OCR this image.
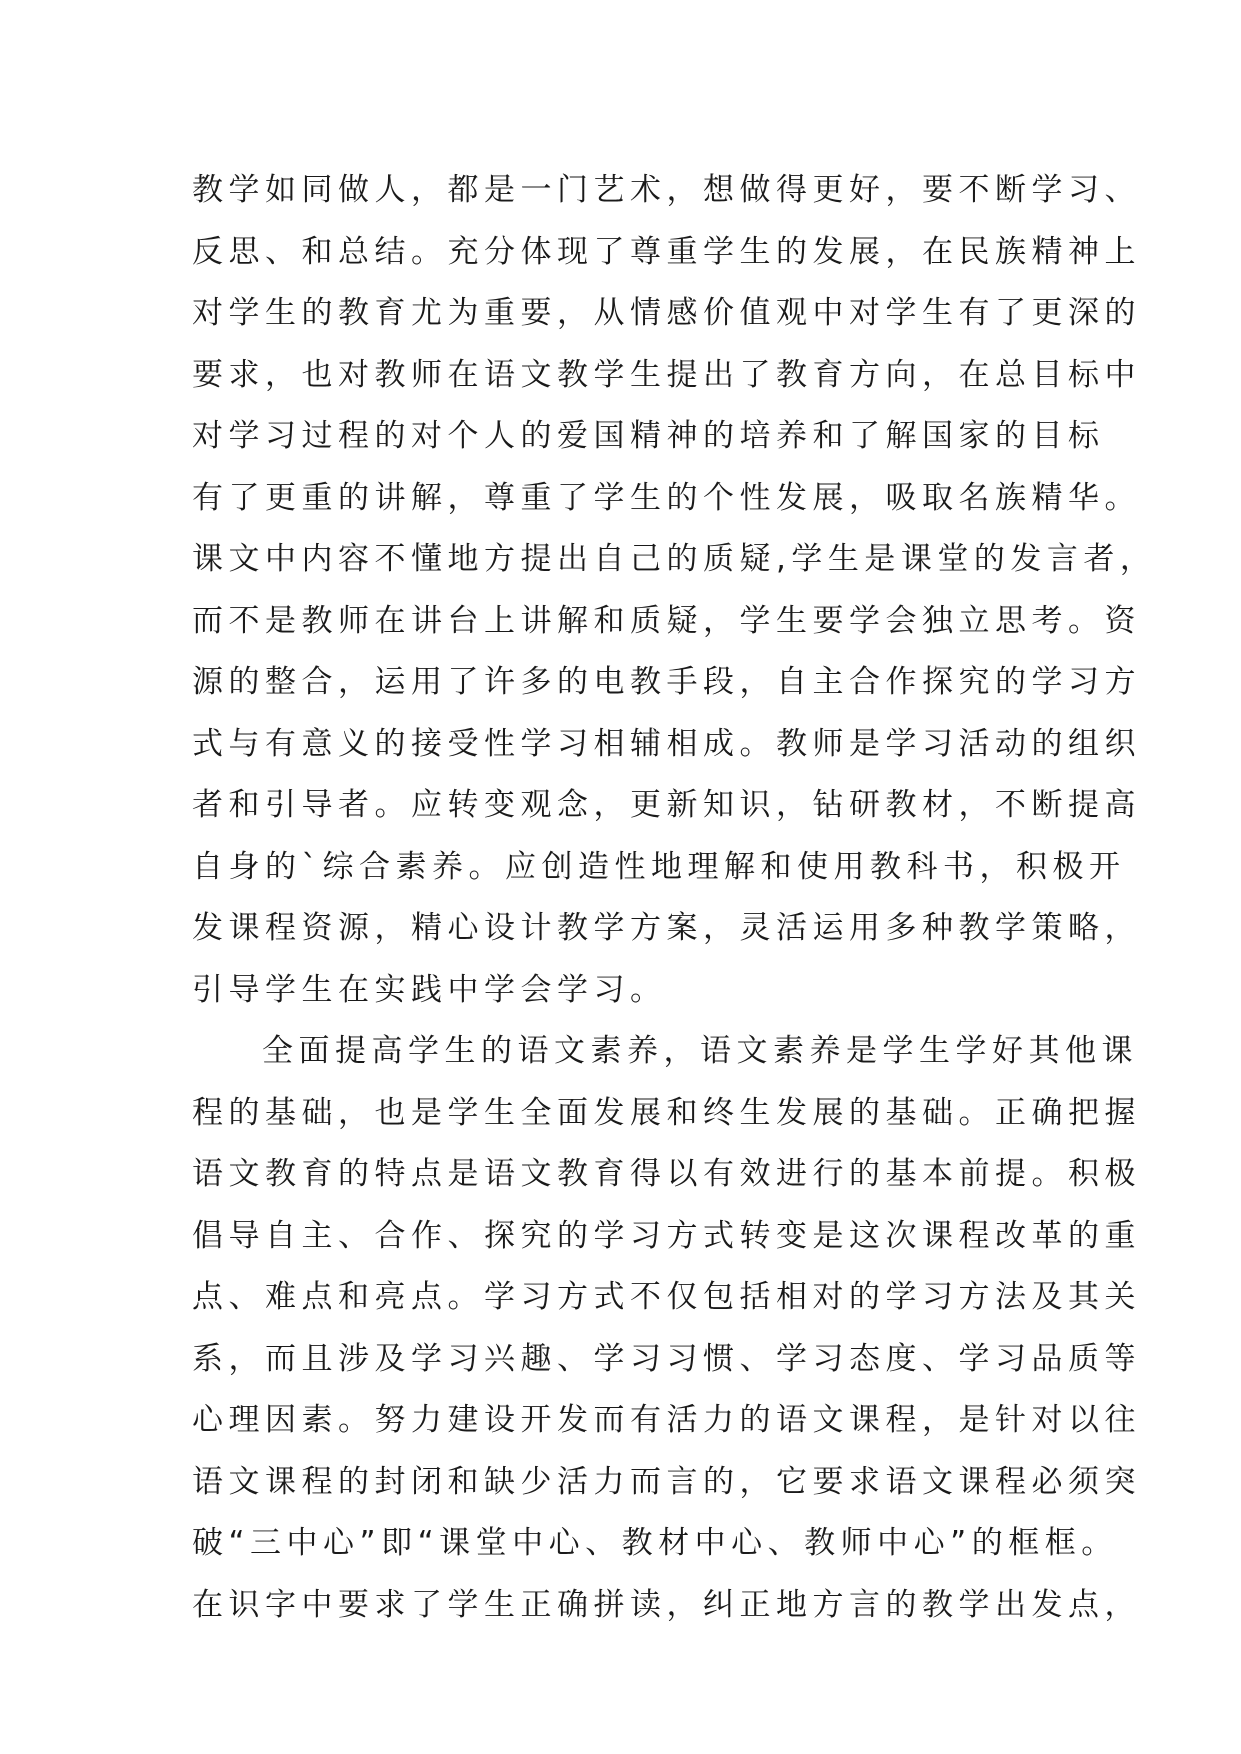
教学如同做人，都是一门艺术，想做得更好，要不断学习、
反思、和总结。充分体现了尊重学生的发展，在民族精神上
对学生的教育尤为重要，从情感价值观中对学生有了更深的
要求，也对教师在语文教学生提出了教育方向，在总目标中
对学习过程的对个人的爱国精神的培养和了解国家的目标
有了更重的讲解，尊重了学生的个性发展，吸取名族精华。
课文中内容不懂地方提出自己的质疑,学生是课堂的发言者，
而不是教师在讲台上讲解和质疑，学生要学会独立思考。资
源的整合，运用了许多的电教手段，自主合作探究的学习方
式与有意义的接受性学习相辅相成。教师是学习活动的组织
者和引导者。应转变观念，更新知识，钻研教材，不断提高
自身的`综合素养。应创造性地理解和使用教科书，积极开
发课程资源，精心设计教学方案，灵活运用多种教学策略，
引导学生在实践中学会学习。
全面提高学生的语文素养，语文素养是学生学好其他课
程的基础，也是学生全面发展和终生发展的基础。正确把握
语文教育的特点是语文教育得以有效进行的基本前提。积极
倡导自主、合作、探究的学习方式转变是这次课程改革的重
点、难点和亮点。学习方式不仅包括相对的学习方法及其关
系，而且涉及学习兴趣、学习习惯、学习态度、学习品质等
心理因素。努力建设开发而有活力的语文课程，是针对以往
语文课程的封闭和缺少活力而言的，它要求语文课程必须突
破“三中心”即“课堂中心、教材中心、教师中心”的框框。
在识字中要求了学生正确拼读，纠正地方言的教学出发点，
